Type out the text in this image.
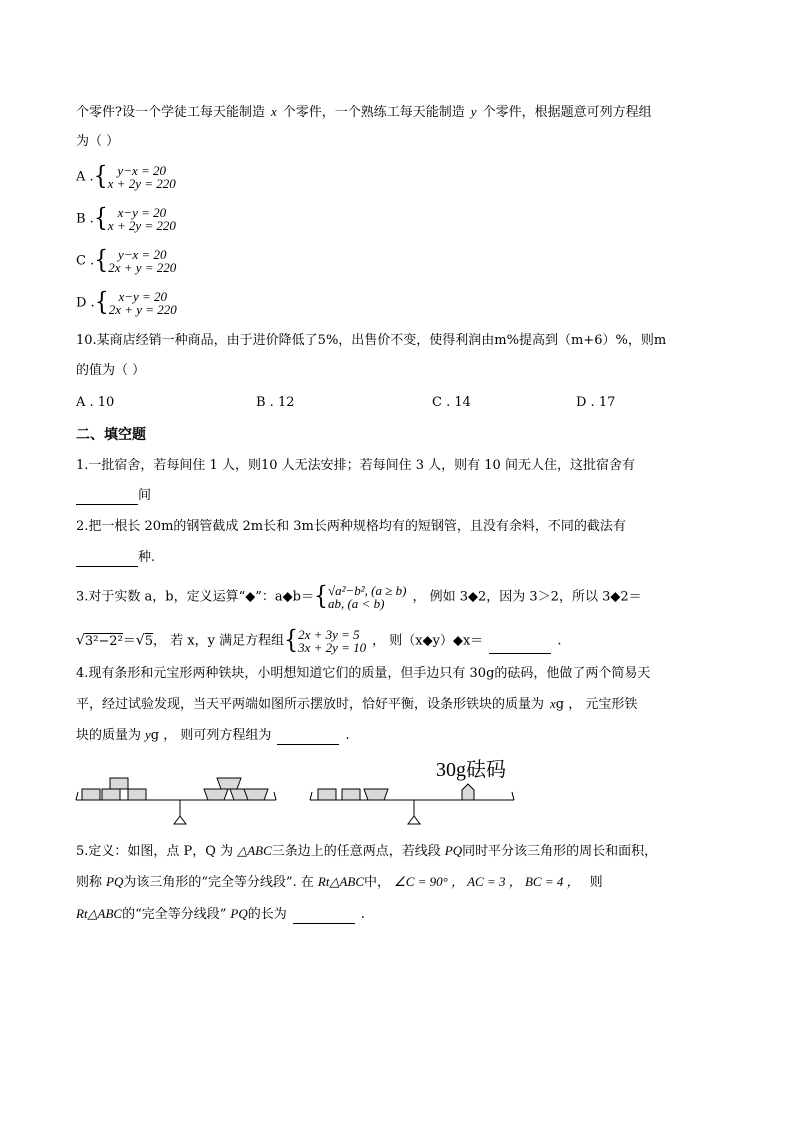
个零件?设一个学徒工每天能制造 x 个零件，一个熟练工每天能制造 y 个零件，根据题意可列方程组
为（ ）
A .{ y−x = 20
x + 2y = 220
B .{ x−y = 20
x + 2y = 220
C .{ y−x = 20
2x + y = 220
D .{ x−y = 20
2x + y = 220
10.某商店经销一种商品，由于进价降低了5%，出售价不变，使得利润由m%提高到（m+6）%，则m
的值为（ ）
A . 10	B . 12	C . 14	D . 17
二、填空题
1.一批宿舍，若每间住 1 人，则10 人无法安排；若每间住 3 人，则有 10 间无人住，这批宿舍有
间
2.把一根长 20m的钢管截成 2m长和 3m长两种规格均有的短钢管，且没有余料，不同的截法有
种.
3.对于实数 a，b，定义运算“◆”：a◆b＝{ √a²−b², (a ≥ b)
ab, (a < b)	， 例如 3◆2，因为 3＞2，所以 3◆2＝
√3²−2²＝√5， 若 x，y 满足方程组{ 2x + 3y = 5
3x + 2y = 10 ， 则（x◆y）◆x＝	.
4.现有条形和元宝形两种铁块，小明想知道它们的质量，但手边只有 30g的砝码，他做了两个简易天
平，经过试验发现，当天平两端如图所示摆放时，恰好平衡，设条形铁块的质量为 xg ， 元宝形铁
块的质量为 yg ， 则可列方程组为	.
30g砝码
5.定义：如图，点 P，Q 为 △ABC三条边上的任意两点，若线段 PQ同时平分该三角形的周长和面积，
则称 PQ为该三角形的“完全等分线段”. 在 Rt△ABC中， ∠C = 90° ， AC = 3 ， BC = 4 ， 则
Rt△ABC的“完全等分线段” PQ的长为	.
